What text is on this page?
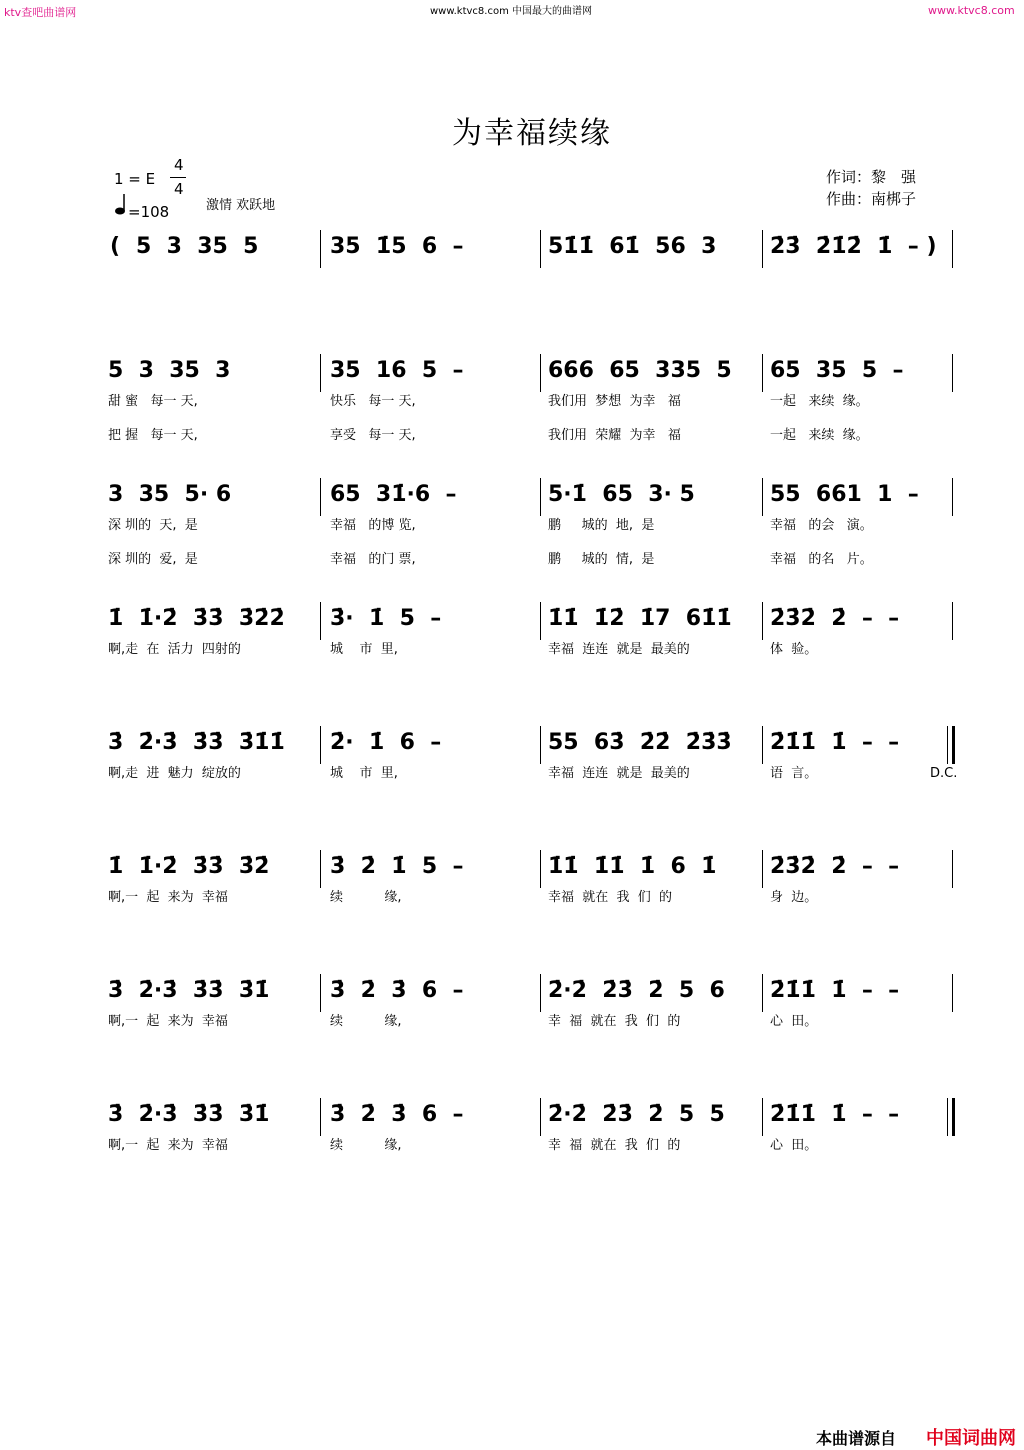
ktv查吧曲谱网	www.ktvc8.com 中国最大的曲谱网	www.ktvc8.com
为幸福续缘
1 = E
4
4
=108	激情 欢跃地
作词：黎　强
作曲：南梆子
( 5  3  35  5	35  1̇5  6  –	51̇1̇  61̇  56  3 2̇3̇  2̇1̇2̇  1̇  – )
5  3  35  3	35  16  5  –	666  65  335  5 65  35  5  –
甜 蜜   每一 天,	快乐   每一 天,	我们用  梦想  为幸   福	一起   来续  缘。
把 握   每一 天,	享受   每一 天,	我们用  荣耀  为幸   福	一起   来续  缘。
3  35  5· 6	65  31̇·6  –	5·1̇  65  3· 5	55  661  1  –
深 圳的  天,  是	幸福   的博 览,	鹏     城的  地,  是	幸福   的会   演。
深 圳的  爱,  是	幸福   的门 票,	鹏     城的  情,  是	幸福   的名   片。
1̇  1̇·2̇  3̇3̇  3̇2̇2̇ 3̇·  1̇  5  –	1̇1̇  1̇2̇  1̇7  61̇1̇ 2̇3̇2̇  2̇  –  –
啊,走  在  活力  四射的	城    市  里,	幸福  连连  就是  最美的	体  验。
3̇  2̇·3̇  3̇3̇  3̇1̇1̇ 2̇·  1̇  6  –	55  63̇  2̇2̇  2̇3̇3̇ 2̇1̇1̇  1̇  –  –
啊,走  进  魅力  绽放的	城    市  里,	幸福  连连  就是  最美的	语  言。	D.C.
1̇  1̇·2̇  3̇3̇  3̇2̇	3̇  2̇  1̇  5  –	1̇1̇  1̇1̇  1̇  6  1̇ 2̇3̇2̇  2̇  –  –
啊,一  起  来为  幸福	续          缘,	幸福  就在  我  们  的	身  边。
3̇  2̇·3̇  3̇3̇  3̇1̇	3̇  2̇  3̇  6  –	2̇·2̇  2̇3̇  2̇  5  6 2̇1̇1̇  1̇  –  –
啊,一  起  来为  幸福	续          缘,	幸  福  就在  我  们  的	心  田。
3̇  2̇·3̇  3̇3̇  3̇1̇	3̇  2̇  3̇  6  –	2̇·2̇  2̇3̇  2̇  5  5 2̇1̇1̇  1̇  –  –
啊,一  起  来为  幸福	续          缘,	幸  福  就在  我  们  的	心  田。
本曲谱源自 中国词曲网
